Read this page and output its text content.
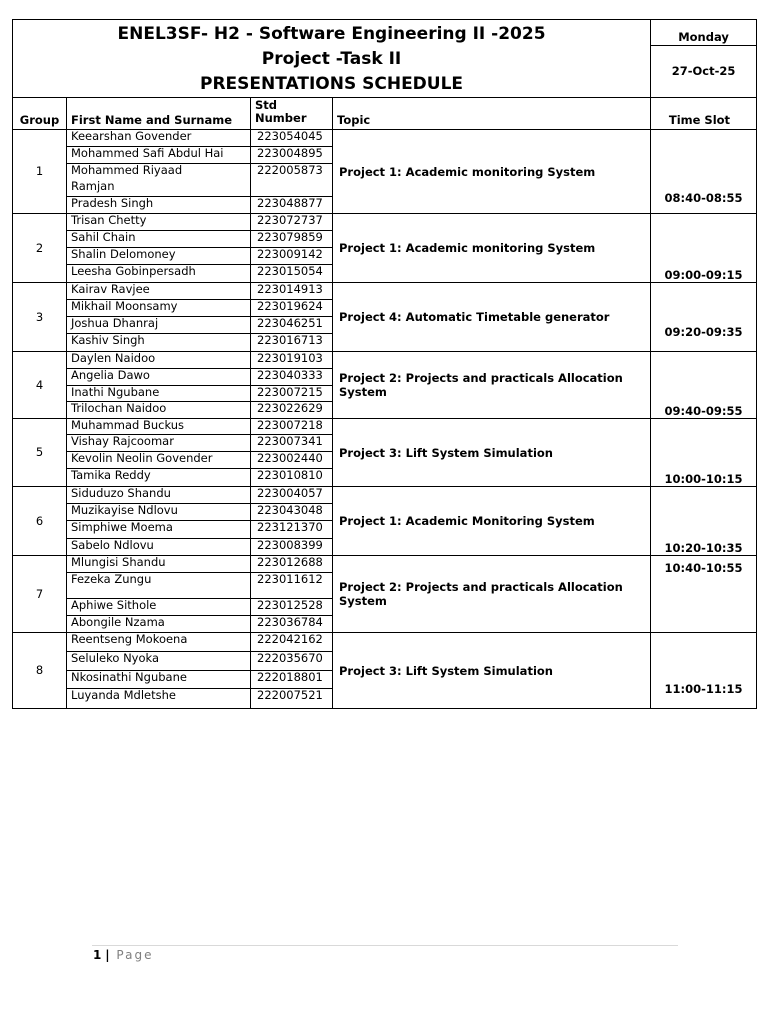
ENEL3SF- H2 - Software Engineering II -2025
Project -Task II
PRESENTATIONS SCHEDULE				Monday
				27-Oct-25
Group	First Name and Surname	Std
Number	Topic	Time Slot
1	Keearshan Govender	223054045	Project 1: Academic monitoring System	08:40-08:55
	Mohammed Safi Abdul Hai	223004895		
	Mohammed Riyaad	222005873		
	Ramjan			
	Pradesh Singh	223048877		
2	Trisan Chetty	223072737	Project 1: Academic monitoring System	09:00-09:15
	Sahil Chain	223079859		
	Shalin Delomoney	223009142		
	Leesha Gobinpersadh	223015054		
3	Kairav Ravjee	223014913	Project 4: Automatic Timetable generator	09:20-09:35
	Mikhail Moonsamy	223019624		
	Joshua Dhanraj	223046251		
	Kashiv Singh	223016713		
4	Daylen Naidoo	223019103	Project 2: Projects and practicals Allocation System	09:40-09:55
	Angelia Dawo	223040333		
	Inathi Ngubane	223007215		
	Trilochan Naidoo	223022629		
5	Muhammad Buckus	223007218	Project 3: Lift System Simulation	10:00-10:15
	Vishay Rajcoomar	223007341		
	Kevolin Neolin Govender	223002440		
	Tamika Reddy	223010810		
6	Siduduzo Shandu	223004057	Project 1: Academic Monitoring System	10:20-10:35
	Muzikayise Ndlovu	223043048		
	Simphiwe Moema	223121370		
	Sabelo Ndlovu	223008399		
7	Mlungisi Shandu	223012688	Project 2: Projects and practicals Allocation System	10:40-10:55
	Fezeka Zungu	223011612		
	Aphiwe Sithole	223012528		
	Abongile Nzama	223036784		
8	Reentseng Mokoena	222042162	Project 3: Lift System Simulation	11:00-11:15
	Seluleko Nyoka	222035670		
	Nkosinathi Ngubane	222018801		
	Luyanda Mdletshe	222007521		
1 | Page
